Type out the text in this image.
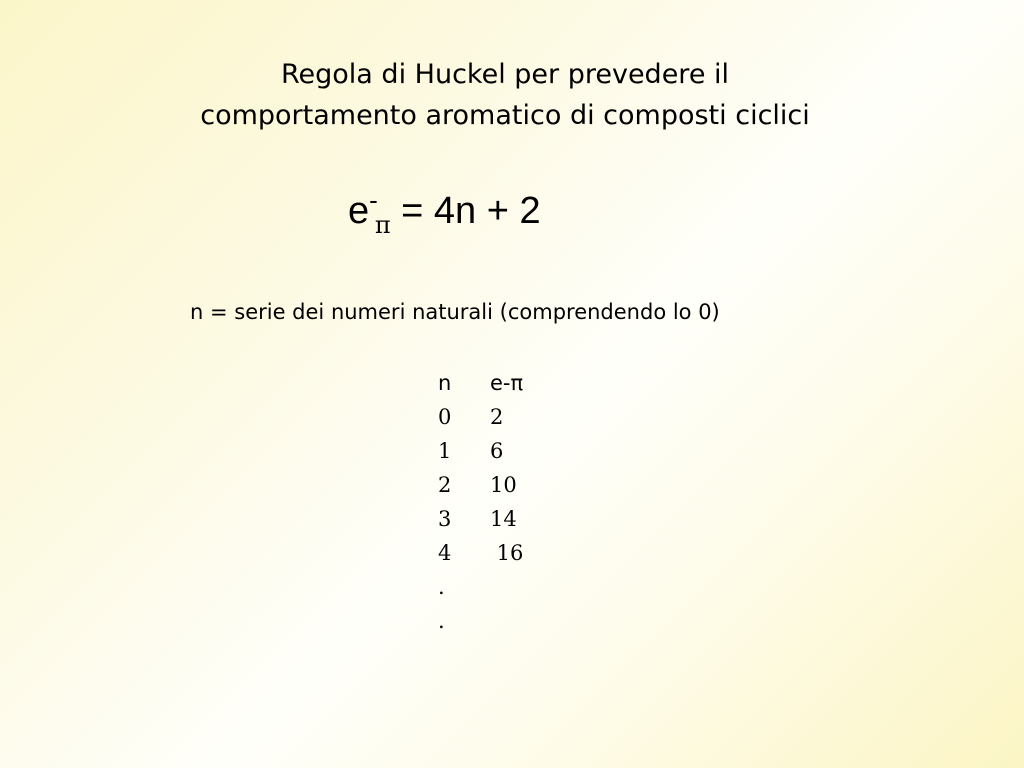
Regola di Huckel per prevedere il
comportamento aromatico di composti ciclici
$e^-_\pi = 4n + 2$
n = serie dei numeri naturali (comprendendo lo 0)
n	e-π
0	2
1	6
2	10
3	14
4	16
.	
.	
